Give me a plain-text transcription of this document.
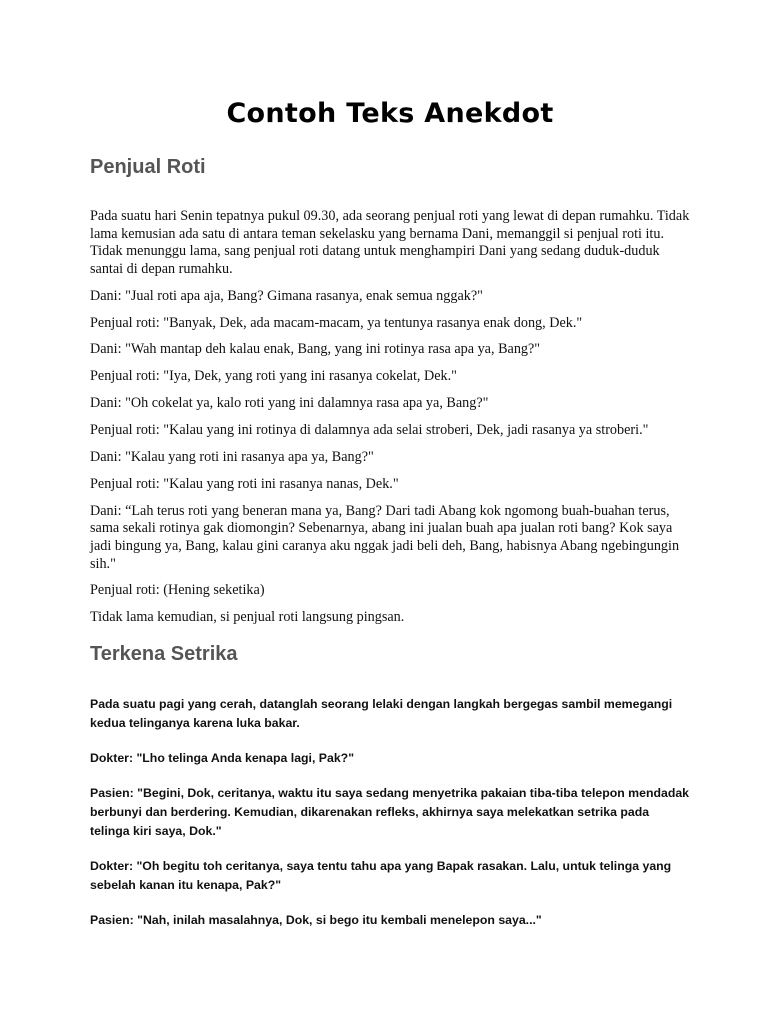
Contoh Teks Anekdot
Penjual Roti

Pada suatu hari Senin tepatnya pukul 09.30, ada seorang penjual roti yang lewat di depan rumahku. Tidak lama kemusian ada satu di antara teman sekelasku yang bernama Dani, memanggil si penjual roti itu. Tidak menunggu lama, sang penjual roti datang untuk menghampiri Dani yang sedang duduk-duduk santai di depan rumahku.

Dani: "Jual roti apa aja, Bang? Gimana rasanya, enak semua nggak?"

Penjual roti: "Banyak, Dek, ada macam-macam, ya tentunya rasanya enak dong, Dek."

Dani: "Wah mantap deh kalau enak, Bang, yang ini rotinya rasa apa ya, Bang?"

Penjual roti: "Iya, Dek, yang roti yang ini rasanya cokelat, Dek."

Dani: "Oh cokelat ya, kalo roti yang ini dalamnya rasa apa ya, Bang?"

Penjual roti: "Kalau yang ini rotinya di dalamnya ada selai stroberi, Dek, jadi rasanya ya stroberi."

Dani: "Kalau yang roti ini rasanya apa ya, Bang?"

Penjual roti: "Kalau yang roti ini rasanya nanas, Dek."

Dani: “Lah terus roti yang beneran mana ya, Bang? Dari tadi Abang kok ngomong buah-buahan terus, sama sekali rotinya gak diomongin? Sebenarnya, abang ini jualan buah apa jualan roti bang? Kok saya jadi bingung ya, Bang, kalau gini caranya aku nggak jadi beli deh, Bang, habisnya Abang ngebingungin sih."

Penjual roti: (Hening seketika)

Tidak lama kemudian, si penjual roti langsung pingsan.

Terkena Setrika

Pada suatu pagi yang cerah, datanglah seorang lelaki dengan langkah bergegas sambil memegangi kedua telinganya karena luka bakar.

Dokter: "Lho telinga Anda kenapa lagi, Pak?"

Pasien: "Begini, Dok, ceritanya, waktu itu saya sedang menyetrika pakaian tiba-tiba telepon mendadak berbunyi dan berdering. Kemudian, dikarenakan refleks, akhirnya saya melekatkan setrika pada telinga kiri saya, Dok."

Dokter: "Oh begitu toh ceritanya, saya tentu tahu apa yang Bapak rasakan. Lalu, untuk telinga yang sebelah kanan itu kenapa, Pak?"

Pasien: "Nah, inilah masalahnya, Dok, si bego itu kembali menelepon saya..."
